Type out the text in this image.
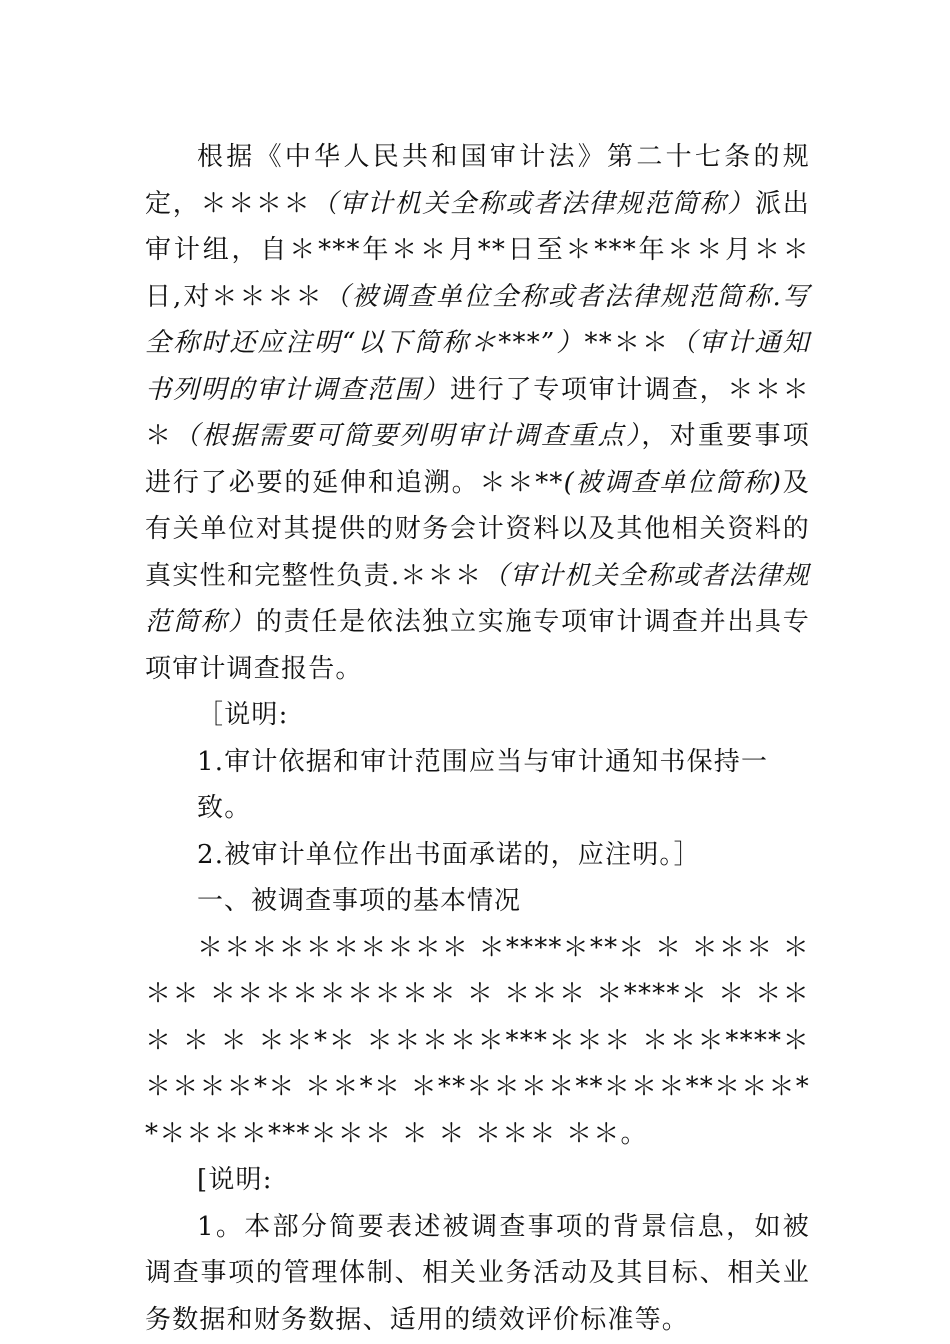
根据《中华人民共和国审计法》第二十七条的规定，＊＊＊＊（审计机关全称或者法律规范简称）派出审计组，自＊***年＊＊月**日至＊***年＊＊月＊＊日,对＊＊＊＊（被调查单位全称或者法律规范简称.写全称时还应注明“以下简称＊***”）**＊＊（审计通知书列明的审计调查范围）进行了专项审计调查，＊＊＊＊（根据需要可简要列明审计调查重点），对重要事项进行了必要的延伸和追溯。＊＊**(被调查单位简称)及有关单位对其提供的财务会计资料以及其他相关资料的真实性和完整性负责.＊＊＊（审计机关全称或者法律规范简称）的责任是依法独立实施专项审计调查并出具专项审计调查报告。

［说明:

1.审计依据和审计范围应当与审计通知书保持一致。

2.被审计单位作出书面承诺的，应注明。］

一、被调查事项的基本情况

＊＊＊＊＊＊＊＊＊＊ ＊****＊**＊ ＊ ＊＊＊ ＊＊＊ ＊＊＊＊＊＊＊＊＊ ＊ ＊＊＊ ＊****＊ ＊ ＊＊＊ ＊ ＊ ＊＊*＊ ＊＊＊＊＊***＊＊＊ ＊＊＊****＊ ＊＊＊＊*＊ ＊＊*＊ ＊**＊＊＊＊**＊＊＊**＊＊＊**＊＊＊＊***＊＊＊ ＊ ＊ ＊＊＊ ＊＊。

[说明:

1。本部分简要表述被调查事项的背景信息，如被调查事项的管理体制、相关业务活动及其目标、相关业务数据和财务数据、适用的绩效评价标准等。
